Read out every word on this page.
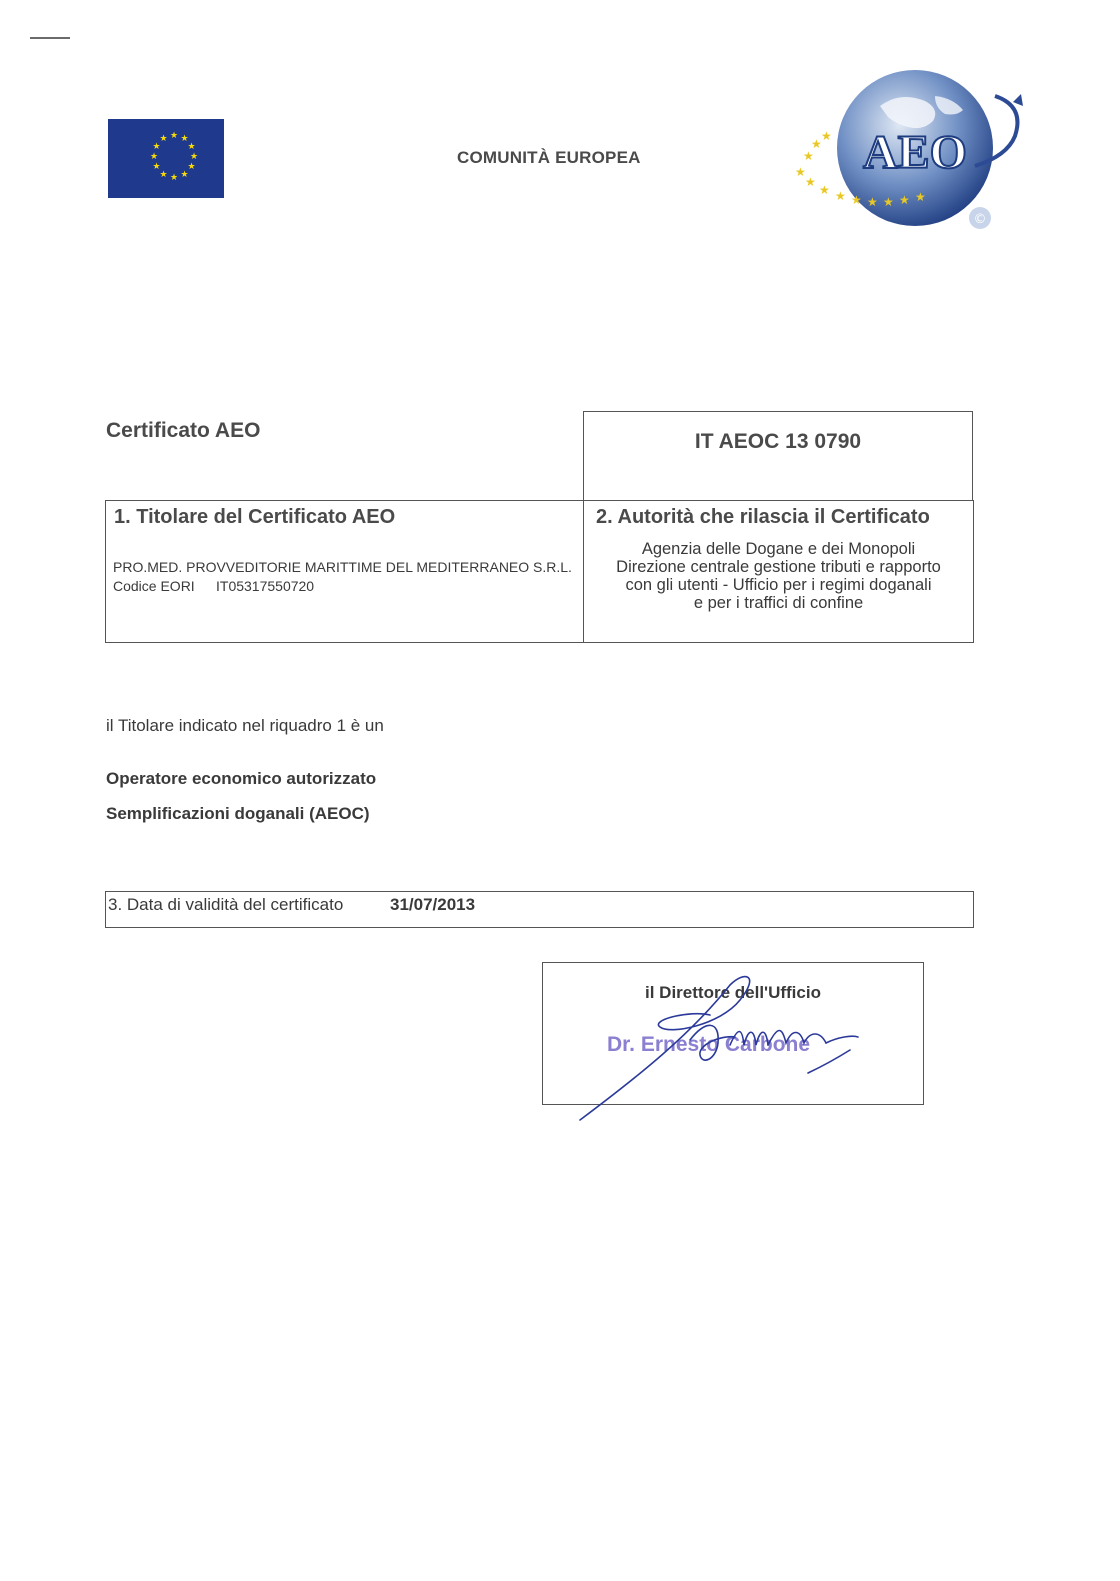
★ ★
★
★
★
★
★
★
★
★
★
★
COMUNITÀ EUROPEA	AEO
★
★
★
★
★
★ ★ ★ ★ ★ ★ ★
©
Certificato AEO	IT AEOC 13 0790
1. Titolare del Certificato AEO
PRO.MED. PROVVEDITORIE MARITTIME DEL MEDITERRANEO S.R.L.
Codice EORI IT05317550720
2. Autorità che rilascia il Certificato
Agenzia delle Dogane e dei Monopoli
Direzione centrale gestione tributi e rapporto
con gli utenti - Ufficio per i regimi doganali
e per i traffici di confine
il Titolare indicato nel riquadro 1 è un
Operatore economico autorizzato
Semplificazioni doganali (AEOC)
3. Data di validità del certificato	31/07/2013
il Direttore dell'Ufficio
Dr. Ernesto Carbone
